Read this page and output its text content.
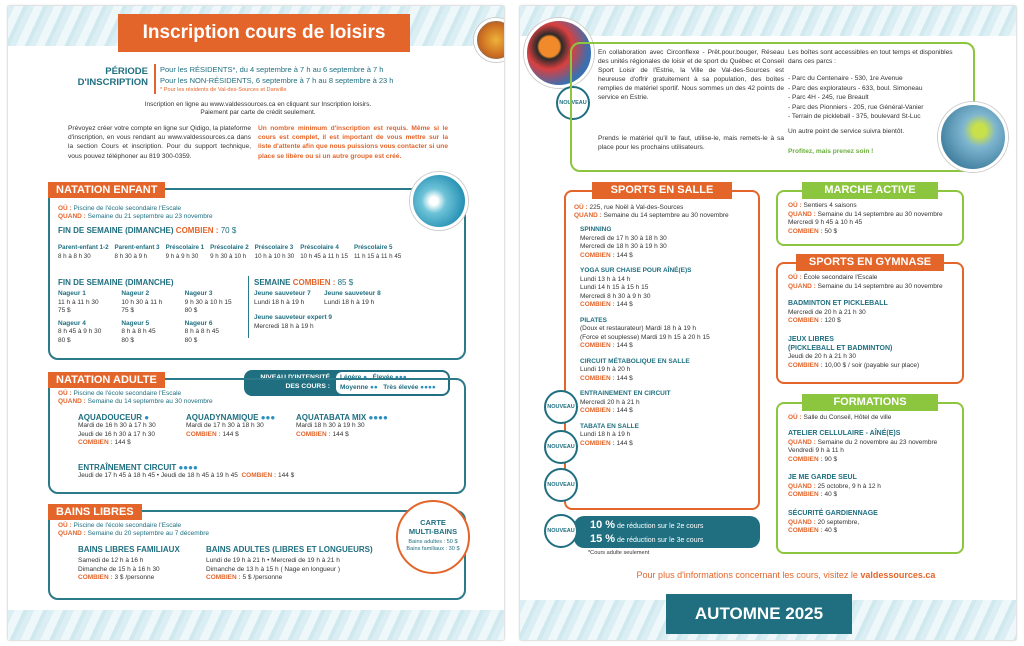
Inscription cours de loisirs
PÉRIODE
D'INSCRIPTION
Pour les RÉSIDENTS*, du 4 septembre à 7 h au 6 septembre à 7 h
Pour les NON-RÉSIDENTS, 6 septembre à 7 h au 8 septembre à 23 h
* Pour les résidents de Val-des-Sources et Danville
Inscription en ligne au www.valdessources.ca en cliquant sur Inscription loisirs.
Paiement par carte de crédit seulement.
Prévoyez créer votre compte en ligne sur Qidigo, la plateforme d'inscription, en vous rendant au www.valdessources.ca dans la section Cours et inscription. Pour du support technique, vous pouvez téléphoner au 819 300-0359.
Un nombre minimum d'inscription est requis. Même si le cours est complet, il est important de vous mettre sur la liste d'attente afin que nous puissions vous contacter si une place se libère ou si un autre groupe est créé.
NATATION ENFANT
OÙ : Piscine de l'école secondaire l'Escale
QUAND : Semaine du 21 septembre au 23 novembre
FIN DE SEMAINE (DIMANCHE) COMBIEN : 70 $
Parent-enfant 1-2
8 h à 8 h 30
Parent-enfant 3
8 h 30 à 9 h
Préscolaire 1
9 h à 9 h 30
Préscolaire 2
9 h 30 à 10 h
Préscolaire 3
10 h à 10 h 30
Préscolaire 4
10 h 45 à 11 h 15
Préscolaire 5
11 h 15 à 11 h 45
FIN DE SEMAINE (DIMANCHE)
Nageur 1
11 h à 11 h 30
75 $
Nageur 2
10 h 30 à 11 h
75 $
Nageur 3
9 h 30 à 10 h 15
80 $
Nageur 4
8 h 45 à 9 h 30
80 $
Nageur 5
8 h à 8 h 45
80 $
Nageur 6
8 h à 8 h 45
80 $
SEMAINE COMBIEN : 85 $
Jeune sauveteur 7
Lundi 18 h à 19 h
Jeune sauveteur 8
Lundi 18 h à 19 h
Jeune sauveteur expert 9
Mercredi 18 h à 19 h
NIVEAU D'INTENSITÉ
DES COURS :
Légère ● Élevée ●●●
Moyenne ●● Très élevée ●●●●
NATATION ADULTE
OÙ : Piscine de l'école secondaire l'Escale
QUAND : Semaine du 14 septembre au 30 novembre
AQUADOUCEUR ●
Mardi de 16 h 30 à 17 h 30
Jeudi de 16 h 30 à 17 h 30
COMBIEN : 144 $
AQUADYNAMIQUE ●●●
Mardi de 17 h 30 à 18 h 30
COMBIEN : 144 $
AQUATABATA MIX ●●●●
Mardi 18 h 30 à 19 h 30
COMBIEN : 144 $
ENTRAÎNEMENT CIRCUIT ●●●●
Jeudi de 17 h 45 à 18 h 45 • Jeudi de 18 h 45 à 19 h 45 COMBIEN : 144 $
BAINS LIBRES
OÙ : Piscine de l'école secondaire l'Escale
QUAND : Semaine du 20 septembre au 7 décembre
BAINS LIBRES FAMILIAUX
Samedi de 12 h à 16 h
Dimanche de 15 h à 16 h 30
COMBIEN : 3 $ /personne
BAINS ADULTES (LIBRES ET LONGUEURS)
Lundi de 19 h à 21 h • Mercredi de 19 h à 21 h
Dimanche de 13 h à 15 h ( Nage en longueur )
COMBIEN : 5 $ /personne
CARTE
MULTI-BAINS
Bains adultes : 50 $
Bains familiaux : 30 $
NOUVEAU
En collaboration avec Circonflexe - Prêt.pour.bouger, Réseau des unités régionales de loisir et de sport du Québec et Conseil Sport Loisir de l'Estrie, la Ville de Val-des-Sources est heureuse d'offrir gratuitement à sa population, des boîtes remplies de matériel sportif. Nous sommes un des 42 points de service en Estrie.
Prends le matériel qu'il te faut, utilise-le, mais remets-le à sa place pour les prochains utilisateurs.
Les boîtes sont accessibles en tout temps et disponibles dans ces parcs :
- Parc du Centenaire - 530, 1re Avenue
- Parc des explorateurs - 633, boul. Simoneau
- Parc 4H - 245, rue Breault
- Parc des Pionniers - 205, rue Général-Vanier
- Terrain de pickleball - 375, boulevard St-Luc
Un autre point de service suivra bientôt.
Profitez, mais prenez soin !
SPORTS EN SALLE
OÙ : 225, rue Noël à Val-des-Sources
QUAND : Semaine du 14 septembre au 30 novembre
SPINNING
Mercredi de 17 h 30 à 18 h 30
Mercredi de 18 h 30 à 19 h 30
COMBIEN : 144 $
YOGA SUR CHAISE POUR AÎNÉ(E)S
Lundi 13 h à 14 h
Lundi 14 h 15 à 15 h 15
Mercredi 8 h 30 à 9 h 30
COMBIEN : 144 $
PILATES
(Doux et restaurateur) Mardi 18 h à 19 h
(Force et souplesse) Mardi 19 h 15 à 20 h 15
COMBIEN : 144 $
CIRCUIT MÉTABOLIQUE EN SALLE
Lundi 19 h à 20 h
COMBIEN : 144 $
ENTRAINEMENT EN CIRCUIT
Mercredi 20 h à 21 h
COMBIEN : 144 $
TABATA EN SALLE
Lundi 18 h à 19 h
COMBIEN : 144 $
NOUVEAU
NOUVEAU
NOUVEAU
10 % de réduction sur le 2e cours
15 % de réduction sur le 3e cours
NOUVEAU
*Cours adulte seulement
MARCHE ACTIVE
OÙ : Sentiers 4 saisons
QUAND : Semaine du 14 septembre au 30 novembre
Mercredi 9 h 45 à 10 h 45
COMBIEN : 50 $
SPORTS EN GYMNASE
OÙ : École secondaire l'Escale
QUAND : Semaine du 14 septembre au 30 novembre
BADMINTON ET PICKLEBALL
Mercredi de 20 h à 21 h 30
COMBIEN : 120 $
JEUX LIBRES
(PICKLEBALL ET BADMINTON)
Jeudi de 20 h à 21 h 30
COMBIEN : 10,00 $ / soir (payable sur place)
FORMATIONS
OÙ : Salle du Conseil, Hôtel de ville
ATELIER CELLULAIRE - AÎNÉ(E)S
QUAND : Semaine du 2 novembre au 23 novembre
Vendredi 9 h à 11 h
COMBIEN : 90 $
JE ME GARDE SEUL
QUAND : 25 octobre, 9 h à 12 h
COMBIEN : 40 $
SÉCURITÉ GARDIENNAGE
QUAND : 20 septembre,
COMBIEN : 40 $
Pour plus d'informations concernant les cours, visitez le valdessources.ca
AUTOMNE 2025
